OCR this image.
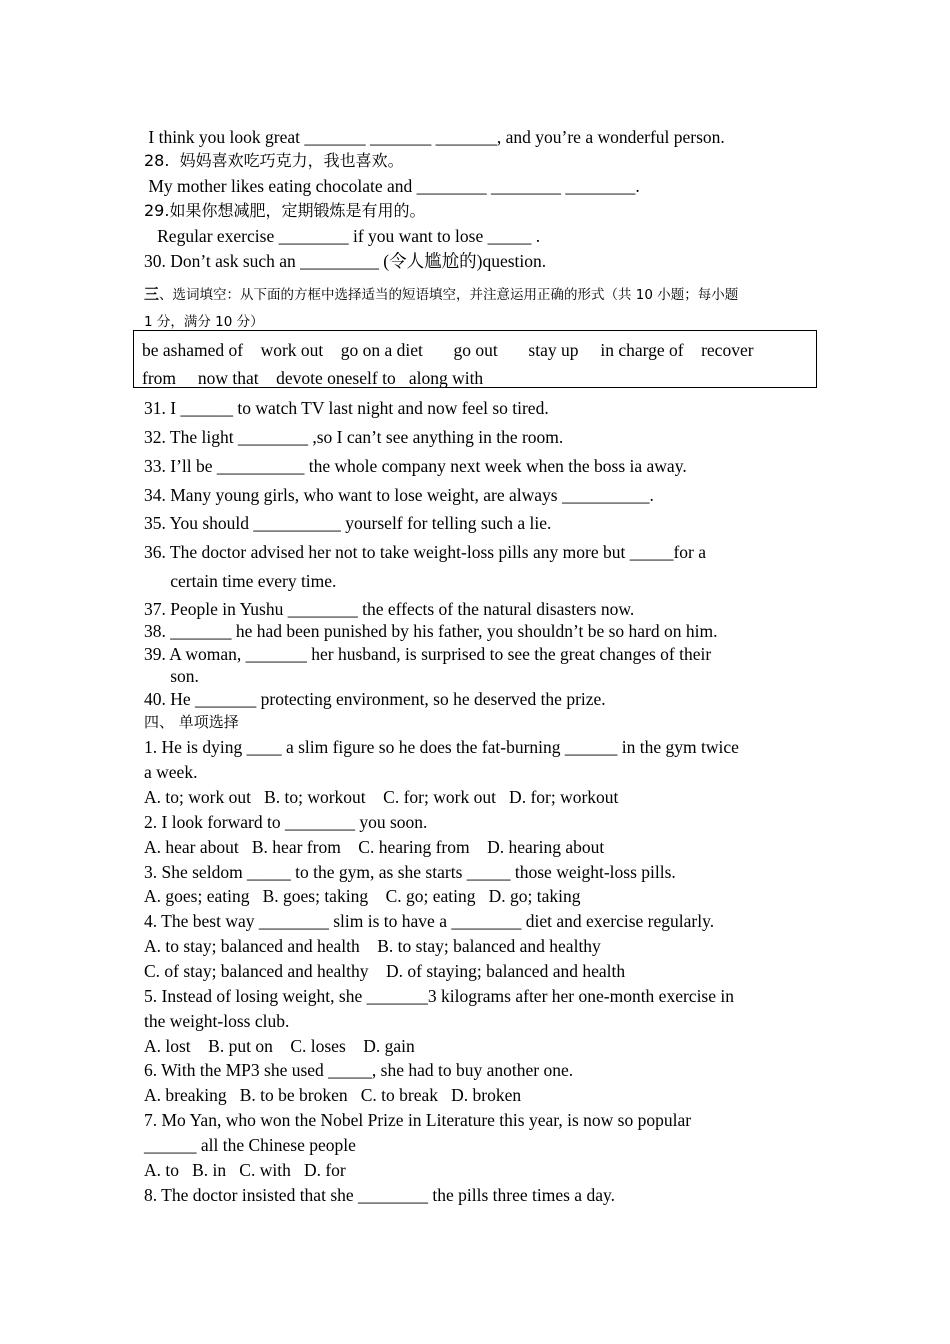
I think you look great _______ _______ _______, and you’re a wonderful person.
28.  妈妈喜欢吃巧克力，我也喜欢。
My mother likes eating chocolate and ________ ________ ________.
29.如果你想减肥，定期锻炼是有用的。
Regular exercise ________ if you want to lose _____ .
30. Don’t ask such an _________ (令人尴尬的)question.
三、选词填空：从下面的方框中选择适当的短语填空，并注意运用正确的形式（共 10 小题；每小题
1 分，满分 10 分）
be ashamed of    work out    go on a diet       go out       stay up     in charge of    recover
from     now that    devote oneself to   along with
31. I ______ to watch TV last night and now feel so tired.
32. The light ________ ,so I can’t see anything in the room.
33. I’ll be __________ the whole company next week when the boss ia away.
34. Many young girls, who want to lose weight, are always __________.
35. You should __________ yourself for telling such a lie.
36. The doctor advised her not to take weight-loss pills any more but _____for a
certain time every time.
37. People in Yushu ________ the effects of the natural disasters now.
38. _______ he had been punished by his father, you shouldn’t be so hard on him.
39. A woman, _______ her husband, is surprised to see the great changes of their
son.
40. He _______ protecting environment, so he deserved the prize.
四、 单项选择
1. He is dying ____ a slim figure so he does the fat-burning ______ in the gym twice
a week.
A. to; work out   B. to; workout    C. for; work out   D. for; workout
2. I look forward to ________ you soon.
A. hear about   B. hear from    C. hearing from    D. hearing about
3. She seldom _____ to the gym, as she starts _____ those weight-loss pills.
A. goes; eating   B. goes; taking    C. go; eating   D. go; taking
4. The best way ________ slim is to have a ________ diet and exercise regularly.
A. to stay; balanced and health    B. to stay; balanced and healthy
C. of stay; balanced and healthy    D. of staying; balanced and health
5. Instead of losing weight, she _______3 kilograms after her one-month exercise in
the weight-loss club.
A. lost    B. put on    C. loses    D. gain
6. With the MP3 she used _____, she had to buy another one.
A. breaking   B. to be broken   C. to break   D. broken
7. Mo Yan, who won the Nobel Prize in Literature this year, is now so popular
______ all the Chinese people
A. to   B. in   C. with   D. for
8. The doctor insisted that she ________ the pills three times a day.
